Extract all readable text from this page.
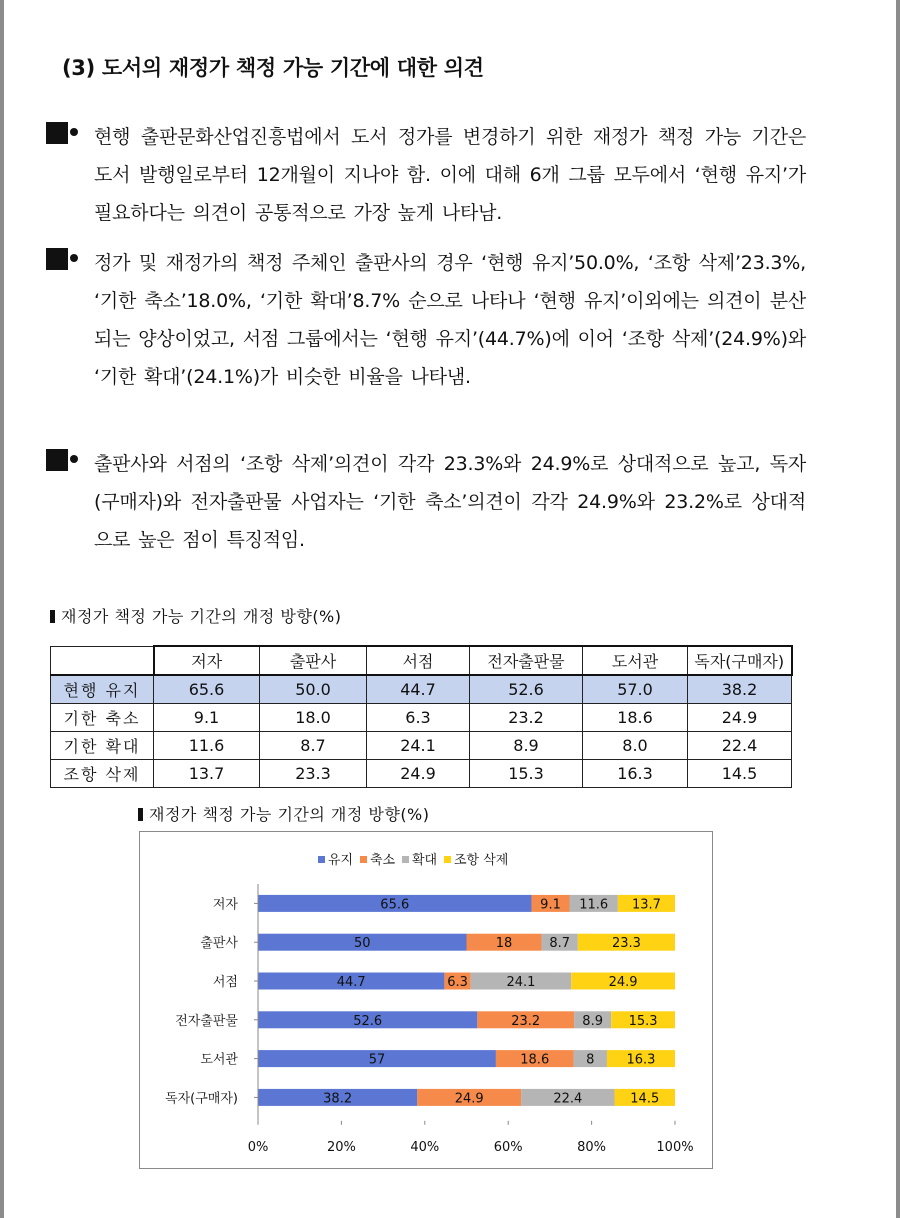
(3) 도서의 재정가 책정 가능 기간에 대한 의견
현행 출판문화산업진흥법에서 도서 정가를 변경하기 위한 재정가 책정 가능 기간은 도서 발행일로부터 12개월이 지나야 함. 이에 대해 6개 그룹 모두에서 ‘현행 유지’가 필요하다는 의견이 공통적으로 가장 높게 나타남.
정가 및 재정가의 책정 주체인 출판사의 경우 ‘현행 유지’50.0%, ‘조항 삭제’23.3%, ‘기한 축소’18.0%, ‘기한 확대’8.7% 순으로 나타나 ‘현행 유지’이외에는 의견이 분산되는 양상이었고, 서점 그룹에서는 ‘현행 유지’(44.7%)에 이어 ‘조항 삭제’(24.9%)와 ‘기한 확대’(24.1%)가 비슷한 비율을 나타냄.
출판사와 서점의 ‘조항 삭제’의견이 각각 23.3%와 24.9%로 상대적으로 높고, 독자(구매자)와 전자출판물 사업자는 ‘기한 축소’의견이 각각 24.9%와 23.2%로 상대적으로 높은 점이 특징적임.
재정가 책정 가능 기간의 개정 방향(%)
	저자	출판사	서점	전자출판물	도서관	독자(구매자)
현행 유지	65.6	50.0	44.7	52.6	57.0	38.2
기한 축소	9.1	18.0	6.3	23.2	18.6	24.9
기한 확대	11.6	8.7	24.1	8.9	8.0	22.4
조항 삭제	13.7	23.3	24.9	15.3	16.3	14.5
재정가 책정 가능 기간의 개정 방향(%)
유지 축소 확대 조항 삭제
저자
출판사
서점
전자출판물
도서관
독자(구매자)
65.6	9.1 11.6 13.7
50	18	8.7	23.3
44.7	6.3	24.1	24.9
52.6	23.2	8.9 15.3
57	18.6	8 16.3
38.2	24.9	22.4	14.5
0%	20%	40%	60%	80%	100%
